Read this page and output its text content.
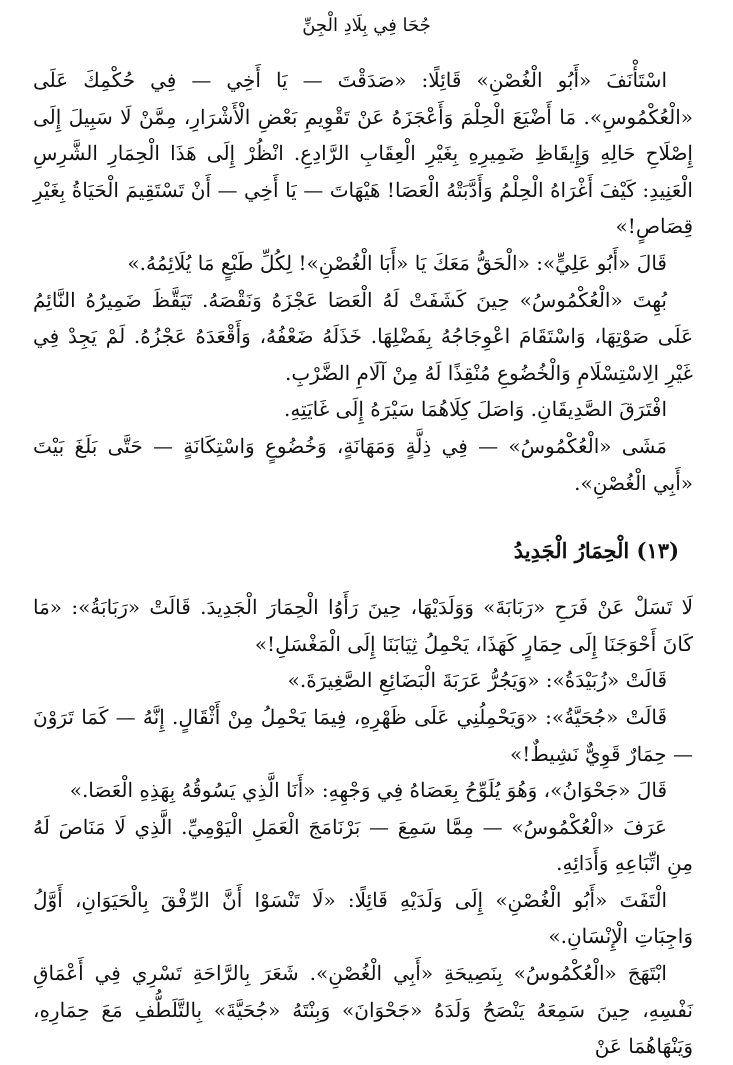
جُحَا فِي بِلَادِ الْجِنِّ

اسْتَأْنَفَ «أَبُو الْغُصْنِ» قَائِلًا: «صَدَقْتَ — يَا أَخِي — فِي حُكْمِكَ عَلَى «الْعُكْمُوسِ». مَا أَضْيَعَ الْحِلْمَ وَأَعْجَزَهُ عَنْ تَقْوِيمِ بَعْضِ الْأَشْرَارِ، مِمَّنْ لَا سَبِيلَ إِلَى إِصْلَاحِ حَالِهِ وَإِيقَاظِ ضَمِيرِهِ بِغَيْرِ الْعِقَابِ الرَّادِعِ. انْظُرْ إِلَى هَذَا الْحِمَارِ الشَّرِسِ الْعَنِيدِ: كَيْفَ أَغْرَاهُ الْحِلْمُ وَأَدَّبَتْهُ الْعَصَا! هَيْهَاتَ — يَا أَخِي — أَنْ تَسْتَقِيمَ الْحَيَاةُ بِغَيْرِ قِصَاصٍ!»

قَالَ «أَبُو عَلِيٍّ»: «الْحَقُّ مَعَكَ يَا «أَبَا الْغُصْنِ»! لِكُلِّ طَبْعٍ مَا يُلَائِمُهُ.»

بُهِتَ «الْعُكْمُوسُ» حِينَ كَشَفَتْ لَهُ الْعَصَا عَجْزَهُ وَنَقْصَهُ. تَيَقَّظَ ضَمِيرُهُ النَّائِمُ عَلَى صَوْتِهَا، وَاسْتَقَامَ اعْوِجَاجُهُ بِفَضْلِهَا. خَذَلَهُ ضَعْفُهُ، وَأَقْعَدَهُ عَجْزُهُ. لَمْ يَجِدْ فِي غَيْرِ الِاسْتِسْلَامِ وَالْخُضُوعِ مُنْقِذًا لَهُ مِنْ آلَامِ الضَّرْبِ.

افْتَرَقَ الصَّدِيقَانِ. وَاصَلَ كِلَاهُمَا سَيْرَهُ إِلَى غَايَتِهِ.

مَشَى «الْعُكْمُوسُ» — فِي ذِلَّةٍ وَمَهَانَةٍ، وَخُضُوعٍ وَاسْتِكَانَةٍ — حَتَّى بَلَغَ بَيْتَ «أَبِي الْغُصْنِ».

(١٣) الْحِمَارُ الْجَدِيدُ

لَا تَسَلْ عَنْ فَرَحِ «رَبَابَةَ» وَوَلَدَيْهَا، حِينَ رَأَوُا الْحِمَارَ الْجَدِيدَ. قَالَتْ «رَبَابَةُ»: «مَا كَانَ أَحْوَجَنَا إِلَى حِمَارٍ كَهَذَا، يَحْمِلُ ثِيَابَنَا إِلَى الْمَغْسَلِ!»

قَالَتْ «زُبَيْدَةُ»: «وَيَجُرُّ عَرَبَةَ الْبَضَائِعِ الصَّغِيرَةَ.»

قَالَتْ «جُحَيَّةُ»: «وَيَحْمِلُنِي عَلَى ظَهْرِهِ، فِيمَا يَحْمِلُ مِنْ أَثْقَالٍ. إِنَّهُ — كَمَا تَرَوْنَ — حِمَارٌ قَوِيٌّ نَشِيطٌ!»

قَالَ «جَحْوَانُ»، وَهُوَ يُلَوِّحُ بِعَصَاهُ فِي وَجْهِهِ: «أَنَا الَّذِي يَسُوقُهُ بِهَذِهِ الْعَصَا.»

عَرَفَ «الْعُكْمُوسُ» — مِمَّا سَمِعَ — بَرْنَامَجَ الْعَمَلِ الْيَوْمِيِّ. الَّذِي لَا مَنَاصَ لَهُ مِنِ اتِّبَاعِهِ وَأَدَائِهِ.

الْتَفَتَ «أَبُو الْغُصْنِ» إِلَى وَلَدَيْهِ قَائِلًا: «لَا تَنْسَوْا أَنَّ الرِّفْقَ بِالْحَيَوَانِ، أَوَّلُ وَاجِبَاتِ الْإِنْسَانِ.»

ابْتَهَجَ «الْعُكْمُوسُ» بِنَصِيحَةِ «أَبِي الْغُصْنِ». شَعَرَ بِالرَّاحَةِ تَسْرِي فِي أَعْمَاقِ نَفْسِهِ، حِينَ سَمِعَهُ يَنْصَحُ وَلَدَهُ «جَحْوَانَ» وَبِنْتَهُ «جُحَيَّةَ» بِالتَّلَطُّفِ مَعَ حِمَارِهِ، وَيَنْهَاهُمَا عَنْ
